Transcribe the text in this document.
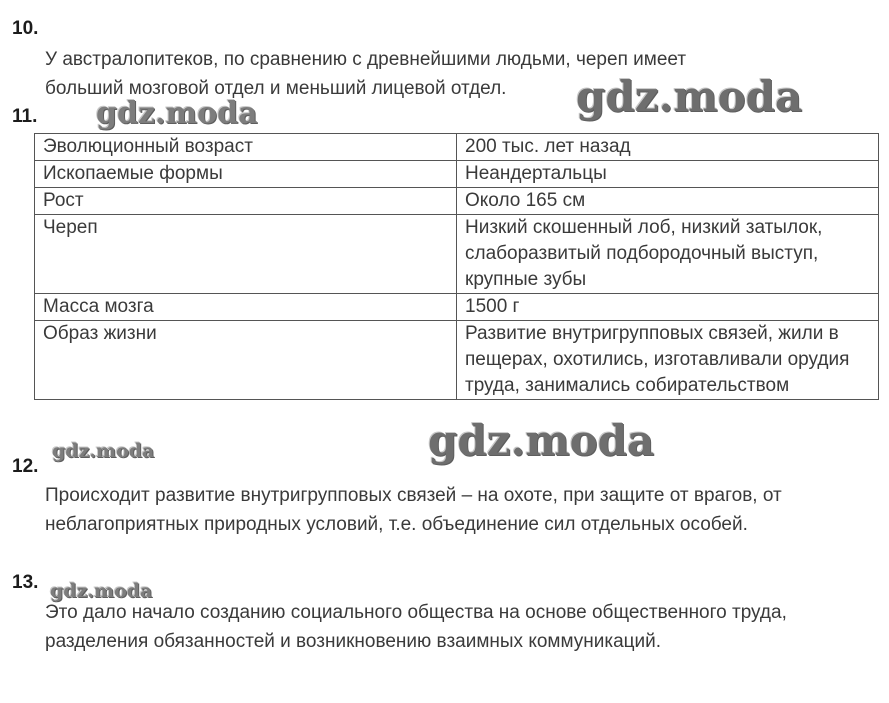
10.
У австралопитеков, по сравнению с древнейшими людьми, череп имеет
больший мозговой отдел и меньший лицевой отдел.
11.
Эволюционный возраст	200 тыс. лет назад
Ископаемые формы	Неандертальцы
Рост	Около 165 см
Череп	Низкий скошенный лоб, низкий затылок, слаборазвитый подбородочный выступ, крупные зубы
Масса мозга	1500 г
Образ жизни	Развитие внутригрупповых связей, жили в пещерах, охотились, изготавливали орудия труда, занимались собирательством
12.
Происходит развитие внутригрупповых связей – на охоте, при защите от врагов, от неблагоприятных природных условий, т.е. объединение сил отдельных особей.
13.
Это дало начало созданию социального общества на основе общественного труда, разделения обязанностей и возникновению взаимных коммуникаций.
gdz.moda
gdz.moda
gdz.moda
gdz.moda
gdz.moda
